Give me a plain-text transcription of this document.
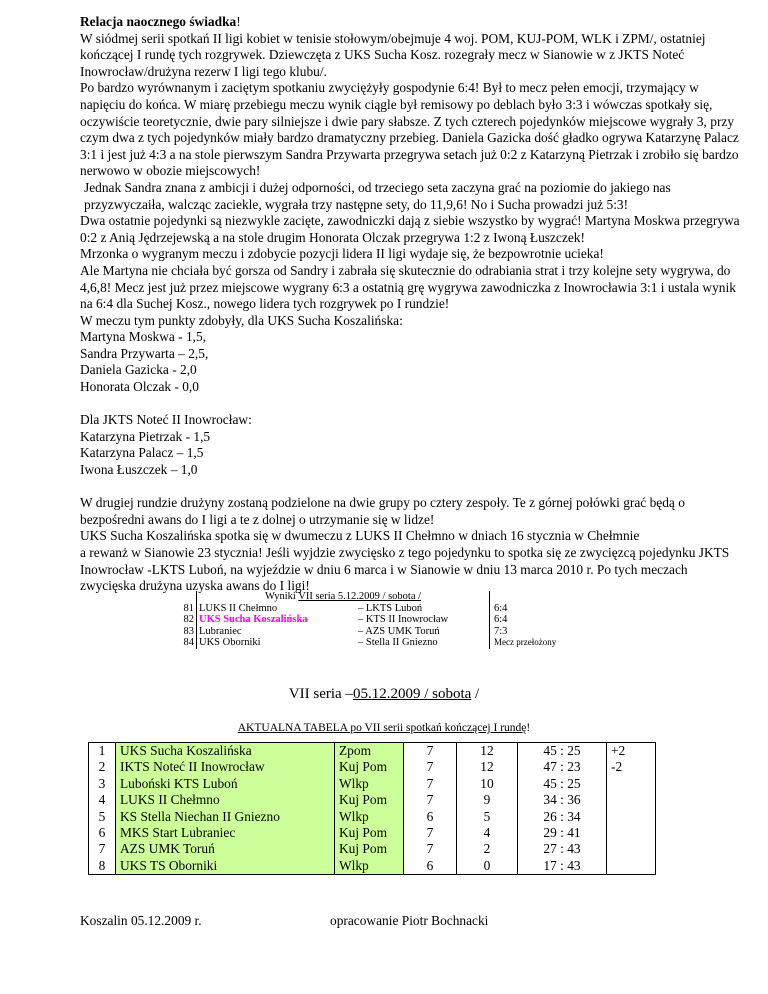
Relacja naocznego świadka!

W siódmej serii spotkań II ligi kobiet w tenisie stołowym/obejmuje 4 woj. POM, KUJ-POM, WLK i ZPM/, ostatniej kończącej I rundę tych rozgrywek. Dziewczęta z UKS Sucha Kosz. rozegrały mecz w Sianowie w z JKTS Noteć Inowrocław/drużyna rezerw I ligi tego klubu/.

Po bardzo wyrównanym i zaciętym spotkaniu zwyciężyły gospodynie 6:4! Był to mecz pełen emocji, trzymający w napięciu do końca. W miarę przebiegu meczu wynik ciągle był remisowy po deblach było 3:3 i wówczas spotkały się, oczywiście teoretycznie, dwie pary silniejsze i dwie pary słabsze. Z tych czterech pojedynków miejscowe wygrały 3, przy czym dwa z tych pojedynków miały bardzo dramatyczny przebieg. Daniela Gazicka dość gładko ogrywa Katarzynę Palacz 3:1 i jest już 4:3 a na stole pierwszym Sandra Przywarta przegrywa setach już 0:2 z Katarzyną Pietrzak i zrobiło się bardzo nerwowo w obozie miejscowych!

Jednak Sandra znana z ambicji i dużej odporności, od trzeciego seta zaczyna grać na poziomie do jakiego nas przyzwyczaiła, walcząc zaciekle, wygrała trzy następne sety, do 11,9,6! No i Sucha prowadzi już 5:3!

Dwa ostatnie pojedynki są niezwykle zacięte, zawodniczki dają z siebie wszystko by wygrać! Martyna Moskwa przegrywa 0:2 z Anią Jędrzejewską a na stole drugim Honorata Olczak przegrywa 1:2 z Iwoną Łuszczek!

Mrzonka o wygranym meczu i zdobycie pozycji lidera II ligi wydaje się, że bezpowrotnie ucieka!

Ale Martyna nie chciała być gorsza od Sandry i zabrała się skutecznie do odrabiania strat i trzy kolejne sety wygrywa, do 4,6,8! Mecz jest już przez miejscowe wygrany 6:3 a ostatnią grę wygrywa zawodniczka z Inowrocławia 3:1 i ustala wynik na 6:4 dla Suchej Kosz., nowego lidera tych rozgrywek po I rundzie!

W meczu tym punkty zdobyły, dla UKS Sucha Koszalińska:

Martyna Moskwa - 1,5,

Sandra Przywarta – 2,5,

Daniela Gazicka - 2,0

Honorata Olczak - 0,0

Dla JKTS Noteć II Inowrocław:

Katarzyna Pietrzak - 1,5

Katarzyna Palacz – 1,5

Iwona Łuszczek – 1,0

W drugiej rundzie drużyny zostaną podzielone na dwie grupy po cztery zespoły. Te z górnej połówki grać będą o bezpośredni awans do I ligi a te z dolnej o utrzymanie się w lidze!

UKS Sucha Koszalińska spotka się w dwumeczu z LUKS II Chełmno w dniach 16 stycznia w Chełmnie

a rewanż w Sianowie 23 stycznia! Jeśli wyjdzie zwycięsko z tego pojedynku to spotka się ze zwycięzcą pojedynku JKTS Inowrocław -LKTS Luboń, na wyjeździe w dniu 6 marca i w Sianowie w dniu 13 marca 2010 r. Po tych meczach zwycięska drużyna uzyska awans do I ligi!

	Wyniki VII seria 5.12.2009 / sobota /		
81	LUKS II Chełmno	– LKTS Luboń	6:4
82	UKS Sucha Koszalińska	– KTS II Inowrocław	6:4
83	Lubraniec	– AZS UMK Toruń	7:3
84	UKS Oborniki	– Stella II Gniezno	Mecz przełożony
VII seria –05.12.2009 / sobota /
AKTUALNA TABELA po VII serii spotkań kończącej I rundę!
1	UKS Sucha Koszalińska	Zpom	7	12	45 : 25	+2
2	IKTS Noteć II Inowrocław	Kuj Pom	7	12	47 : 23	-2
3	Luboński KTS Luboń	Wlkp	7	10	45 : 25	
4	LUKS II Chełmno	Kuj Pom	7	9	34 : 36	
5	KS Stella Niechan II Gniezno	Wlkp	6	5	26 : 34	
6	MKS Start Lubraniec	Kuj Pom	7	4	29 : 41	
7	AZS UMK Toruń	Kuj Pom	7	2	27 : 43	
8	UKS TS Oborniki	Wlkp	6	0	17 : 43	
Koszalin 05.12.2009 r.	opracowanie Piotr Bochnacki
